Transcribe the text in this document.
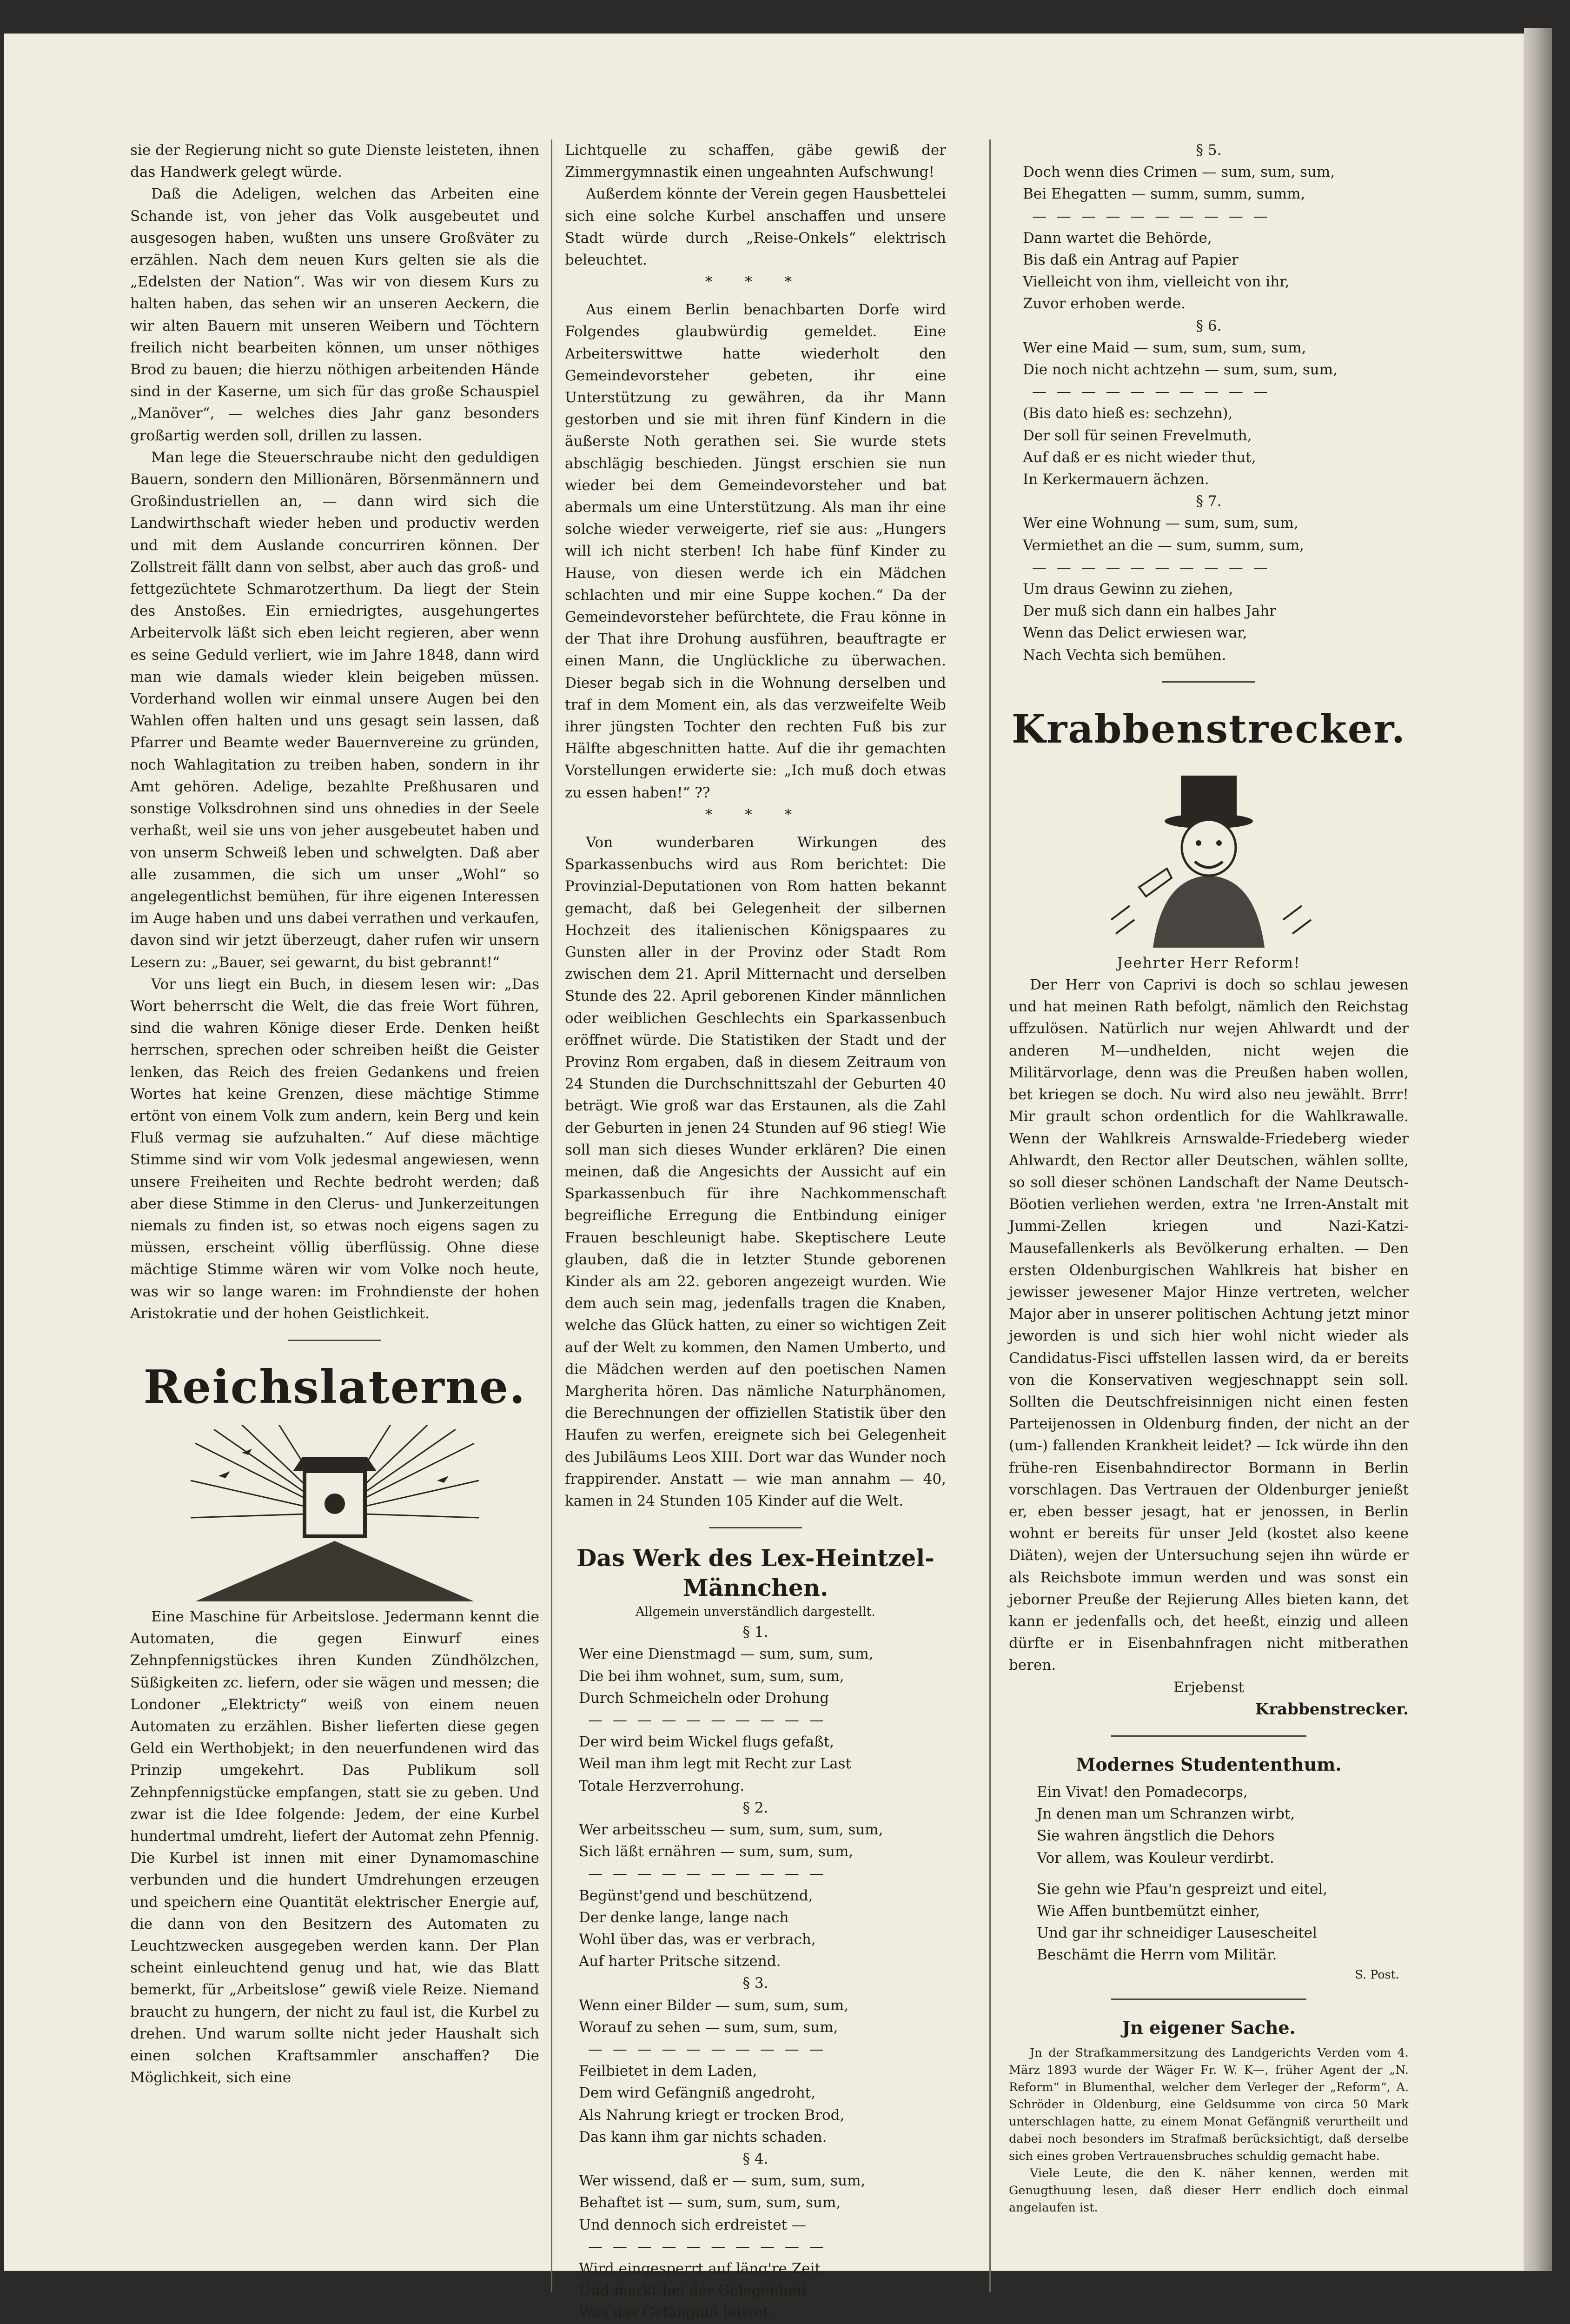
sie der Regierung nicht so gute Dienste leisteten, ihnen das Handwerk gelegt würde.

Daß die Adeligen, welchen das Arbeiten eine Schande ist, von jeher das Volk ausgebeutet und ausgesogen haben, wußten uns unsere Großväter zu erzählen. Nach dem neuen Kurs gelten sie als die „Edelsten der Nation“. Was wir von diesem Kurs zu halten haben, das sehen wir an unseren Aeckern, die wir alten Bauern mit unseren Weibern und Töchtern freilich nicht bearbeiten können, um unser nöthiges Brod zu bauen; die hierzu nöthigen arbeitenden Hände sind in der Kaserne, um sich für das große Schauspiel „Manöver“, — welches dies Jahr ganz besonders großartig werden soll, drillen zu lassen.

Man lege die Steuerschraube nicht den geduldigen Bauern, sondern den Millionären, Börsenmännern und Großindustriellen an, — dann wird sich die Landwirthschaft wieder heben und productiv werden und mit dem Auslande concurriren können. Der Zollstreit fällt dann von selbst, aber auch das groß- und fettgezüchtete Schmarotzerthum. Da liegt der Stein des Anstoßes. Ein erniedrigtes, ausgehungertes Arbeitervolk läßt sich eben leicht regieren, aber wenn es seine Geduld verliert, wie im Jahre 1848, dann wird man wie damals wieder klein beigeben müssen. Vorderhand wollen wir einmal unsere Augen bei den Wahlen offen halten und uns gesagt sein lassen, daß Pfarrer und Beamte weder Bauernvereine zu gründen, noch Wahlagitation zu treiben haben, sondern in ihr Amt gehören. Adelige, bezahlte Preßhusaren und sonstige Volksdrohnen sind uns ohnedies in der Seele verhaßt, weil sie uns von jeher ausgebeutet haben und von unserm Schweiß leben und schwelgten. Daß aber alle zusammen, die sich um unser „Wohl“ so angelegentlichst bemühen, für ihre eigenen Interessen im Auge haben und uns dabei verrathen und verkaufen, davon sind wir jetzt überzeugt, daher rufen wir unsern Lesern zu: „Bauer, sei gewarnt, du bist gebrannt!“

Vor uns liegt ein Buch, in diesem lesen wir: „Das Wort beherrscht die Welt, die das freie Wort führen, sind die wahren Könige dieser Erde. Denken heißt herrschen, sprechen oder schreiben heißt die Geister lenken, das Reich des freien Gedankens und freien Wortes hat keine Grenzen, diese mächtige Stimme ertönt von einem Volk zum andern, kein Berg und kein Fluß vermag sie aufzuhalten.“ Auf diese mächtige Stimme sind wir vom Volk jedesmal angewiesen, wenn unsere Freiheiten und Rechte bedroht werden; daß aber diese Stimme in den Clerus- und Junkerzeitungen niemals zu finden ist, so etwas noch eigens sagen zu müssen, erscheint völlig überflüssig. Ohne diese mächtige Stimme wären wir vom Volke noch heute, was wir so lange waren: im Frohndienste der hohen Aristokratie und der hohen Geistlichkeit.

Reichslaterne.

Eine Maschine für Arbeitslose. Jedermann kennt die Automaten, die gegen Einwurf eines Zehnpfennigstückes ihren Kunden Zündhölzchen, Süßigkeiten zc. liefern, oder sie wägen und messen; die Londoner „Elektricty“ weiß von einem neuen Automaten zu erzählen. Bisher lieferten diese gegen Geld ein Werthobjekt; in den neuerfundenen wird das Prinzip umgekehrt. Das Publikum soll Zehnpfennigstücke empfangen, statt sie zu geben. Und zwar ist die Idee folgende: Jedem, der eine Kurbel hundertmal umdreht, liefert der Automat zehn Pfennig. Die Kurbel ist innen mit einer Dynamomaschine verbunden und die hundert Umdrehungen erzeugen und speichern eine Quantität elektrischer Energie auf, die dann von den Besitzern des Automaten zu Leuchtzwecken ausgegeben werden kann. Der Plan scheint einleuchtend genug und hat, wie das Blatt bemerkt, für „Arbeitslose“ gewiß viele Reize. Niemand braucht zu hungern, der nicht zu faul ist, die Kurbel zu drehen. Und warum sollte nicht jeder Haushalt sich einen solchen Kraftsammler anschaffen? Die Möglichkeit, sich eine

Lichtquelle zu schaffen, gäbe gewiß der Zimmergymnastik einen ungeahnten Aufschwung!

Außerdem könnte der Verein gegen Hausbettelei sich eine solche Kurbel anschaffen und unsere Stadt würde durch „Reise-Onkels“ elektrisch beleuchtet.

* * *

Aus einem Berlin benachbarten Dorfe wird Folgendes glaubwürdig gemeldet. Eine Arbeiterswittwe hatte wiederholt den Gemeindevorsteher gebeten, ihr eine Unterstützung zu gewähren, da ihr Mann gestorben und sie mit ihren fünf Kindern in die äußerste Noth gerathen sei. Sie wurde stets abschlägig beschieden. Jüngst erschien sie nun wieder bei dem Gemeindevorsteher und bat abermals um eine Unterstützung. Als man ihr eine solche wieder verweigerte, rief sie aus: „Hungers will ich nicht sterben! Ich habe fünf Kinder zu Hause, von diesen werde ich ein Mädchen schlachten und mir eine Suppe kochen.“ Da der Gemeindevorsteher befürchtete, die Frau könne in der That ihre Drohung ausführen, beauftragte er einen Mann, die Unglückliche zu überwachen. Dieser begab sich in die Wohnung derselben und traf in dem Moment ein, als das verzweifelte Weib ihrer jüngsten Tochter den rechten Fuß bis zur Hälfte abgeschnitten hatte. Auf die ihr gemachten Vorstellungen erwiderte sie: „Ich muß doch etwas zu essen haben!“ ??

* * *

Von wunderbaren Wirkungen des Sparkassenbuchs wird aus Rom berichtet: Die Provinzial-Deputationen von Rom hatten bekannt gemacht, daß bei Gelegenheit der silbernen Hochzeit des italienischen Königspaares zu Gunsten aller in der Provinz oder Stadt Rom zwischen dem 21. April Mitternacht und derselben Stunde des 22. April geborenen Kinder männlichen oder weiblichen Geschlechts ein Sparkassenbuch eröffnet würde. Die Statistiken der Stadt und der Provinz Rom ergaben, daß in diesem Zeitraum von 24 Stunden die Durchschnittszahl der Geburten 40 beträgt. Wie groß war das Erstaunen, als die Zahl der Geburten in jenen 24 Stunden auf 96 stieg! Wie soll man sich dieses Wunder erklären? Die einen meinen, daß die Angesichts der Aussicht auf ein Sparkassenbuch für ihre Nachkommenschaft begreifliche Erregung die Entbindung einiger Frauen beschleunigt habe. Skeptischere Leute glauben, daß die in letzter Stunde geborenen Kinder als am 22. geboren angezeigt wurden. Wie dem auch sein mag, jedenfalls tragen die Knaben, welche das Glück hatten, zu einer so wichtigen Zeit auf der Welt zu kommen, den Namen Umberto, und die Mädchen werden auf den poetischen Namen Margherita hören. Das nämliche Naturphänomen, die Berechnungen der offiziellen Statistik über den Haufen zu werfen, ereignete sich bei Gelegenheit des Jubiläums Leos XIII. Dort war das Wunder noch frappirender. Anstatt — wie man annahm — 40, kamen in 24 Stunden 105 Kinder auf die Welt.

Das Werk des Lex-Heintzel-Männchen.

Allgemein unverständlich dargestellt.

§ 1.

Wer eine Dienstmagd — sum, sum, sum,
Die bei ihm wohnet, sum, sum, sum,
Durch Schmeicheln oder Drohung

— — — — — — — — — —

Der wird beim Wickel flugs gefaßt,
Weil man ihm legt mit Recht zur Last
Totale Herzverrohung.

§ 2.

Wer arbeitsscheu — sum, sum, sum, sum,
Sich läßt ernähren — sum, sum, sum,

— — — — — — — — — —

Begünst'gend und beschützend,
Der denke lange, lange nach
Wohl über das, was er verbrach,
Auf harter Pritsche sitzend.

§ 3.

Wenn einer Bilder — sum, sum, sum,
Worauf zu sehen — sum, sum, sum,

— — — — — — — — — —

Feilbietet in dem Laden,
Dem wird Gefängniß angedroht,
Als Nahrung kriegt er trocken Brod,
Das kann ihm gar nichts schaden.

§ 4.

Wer wissend, daß er — sum, sum, sum,
Behaftet ist — sum, sum, sum, sum,
Und dennoch sich erdreistet —

— — — — — — — — — —

Wird eingesperrt auf läng're Zeit
Und merkt bei der Gelegenheit
Was das Gefängniß leistet.

§ 5.

Doch wenn dies Crimen — sum, sum, sum,
Bei Ehegatten — summ, summ, summ,

— — — — — — — — — —

Dann wartet die Behörde,
Bis daß ein Antrag auf Papier
Vielleicht von ihm, vielleicht von ihr,
Zuvor erhoben werde.

§ 6.

Wer eine Maid — sum, sum, sum, sum,
Die noch nicht achtzehn — sum, sum, sum,

— — — — — — — — — —

(Bis dato hieß es: sechzehn),
Der soll für seinen Frevelmuth,
Auf daß er es nicht wieder thut,
In Kerkermauern ächzen.

§ 7.

Wer eine Wohnung — sum, sum, sum,
Vermiethet an die — sum, summ, sum,

— — — — — — — — — —

Um draus Gewinn zu ziehen,
Der muß sich dann ein halbes Jahr
Wenn das Delict erwiesen war,
Nach Vechta sich bemühen.

Krabbenstrecker.

Jeehrter Herr Reform!

Der Herr von Caprivi is doch so schlau jewesen und hat meinen Rath befolgt, nämlich den Reichstag uffzulösen. Natürlich nur wejen Ahlwardt und der anderen M—undhelden, nicht wejen die Militärvorlage, denn was die Preußen haben wollen, bet kriegen se doch. Nu wird also neu jewählt. Brrr! Mir grault schon ordentlich for die Wahlkrawalle. Wenn der Wahlkreis Arnswalde-Friedeberg wieder Ahlwardt, den Rector aller Deutschen, wählen sollte, so soll dieser schönen Landschaft der Name Deutsch-Böotien verliehen werden, extra 'ne Irren-Anstalt mit Jummi-Zellen kriegen und Nazi-Katzi-Mausefallenkerls als Bevölkerung erhalten. — Den ersten Oldenburgischen Wahlkreis hat bisher en jewisser jewesener Major Hinze vertreten, welcher Major aber in unserer politischen Achtung jetzt minor jeworden is und sich hier wohl nicht wieder als Candidatus-Fisci uffstellen lassen wird, da er bereits von die Konservativen wegjeschnappt sein soll. Sollten die Deutschfreisinnigen nicht einen festen Parteijenossen in Oldenburg finden, der nicht an der (um-) fallenden Krankheit leidet? — Ick würde ihn den frühe-ren Eisenbahndirector Bormann in Berlin vorschlagen. Das Vertrauen der Oldenburger jenießt er, eben besser jesagt, hat er jenossen, in Berlin wohnt er bereits für unser Jeld (kostet also keene Diäten), wejen der Untersuchung sejen ihn würde er als Reichsbote immun werden und was sonst ein jeborner Preuße der Rejierung Alles bieten kann, det kann er jedenfalls och, det heeßt, einzig und alleen dürfte er in Eisenbahnfragen nicht mitberathen beren.

Erjebenst

Krabbenstrecker.

Modernes Studententhum.

Ein Vivat! den Pomadecorps,
Jn denen man um Schranzen wirbt,
Sie wahren ängstlich die Dehors
Vor allem, was Kouleur verdirbt.

Sie gehn wie Pfau'n gespreizt und eitel,
Wie Affen buntbemützt einher,
Und gar ihr schneidiger Lausescheitel
Beschämt die Herrn vom Militär.

S. Post.

Jn eigener Sache.

Jn der Strafkammersitzung des Landgerichts Verden vom 4. März 1893 wurde der Wäger Fr. W. K—, früher Agent der „N. Reform“ in Blumenthal, welcher dem Verleger der „Reform“, A. Schröder in Oldenburg, eine Geldsumme von circa 50 Mark unterschlagen hatte, zu einem Monat Gefängniß verurtheilt und dabei noch besonders im Strafmaß berücksichtigt, daß derselbe sich eines groben Vertrauensbruches schuldig gemacht habe.

Viele Leute, die den K. näher kennen, werden mit Genugthuung lesen, daß dieser Herr endlich doch einmal angelaufen ist.
